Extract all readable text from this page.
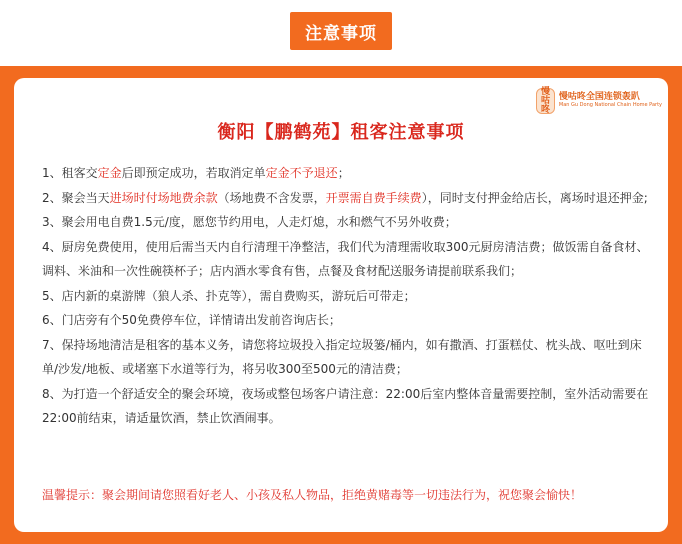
注意事项
慢咕咚
慢咕咚全国连锁轰趴
Man Gu Dong National Chain Home Party
衡阳【鹏鹤苑】租客注意事项
1、租客交定金后即预定成功，若取消定单定金不予退还；
2、聚会当天进场时付场地费余款（场地费不含发票，开票需自费手续费），同时支付押金给店长，离场时退还押金;
3、聚会用电自费1.5元/度，愿您节约用电，人走灯熄，水和燃气不另外收费；
4、厨房免费使用，使用后需当天内自行清理干净整洁，我们代为清理需收取300元厨房清洁费；做饭需自备食材、
调料、米油和一次性碗筷杯子；店内酒水零食有售，点餐及食材配送服务请提前联系我们；
5、店内新的桌游牌（狼人杀、扑克等），需自费购买，游玩后可带走；
6、门店旁有个50免费停车位，详情请出发前咨询店长；
7、保持场地清洁是租客的基本义务，请您将垃圾投入指定垃圾篓/桶内，如有撒酒、打蛋糕仗、枕头战、呕吐到床
单/沙发/地板、或堵塞下水道等行为，将另收300至500元的清洁费；
8、为打造一个舒适安全的聚会环境，夜场或整包场客户请注意：22:00后室内整体音量需要控制，室外活动需要在
22:00前结束，请适量饮酒，禁止饮酒闹事。
温馨提示：聚会期间请您照看好老人、小孩及私人物品，拒绝黄赌毒等一切违法行为，祝您聚会愉快！
